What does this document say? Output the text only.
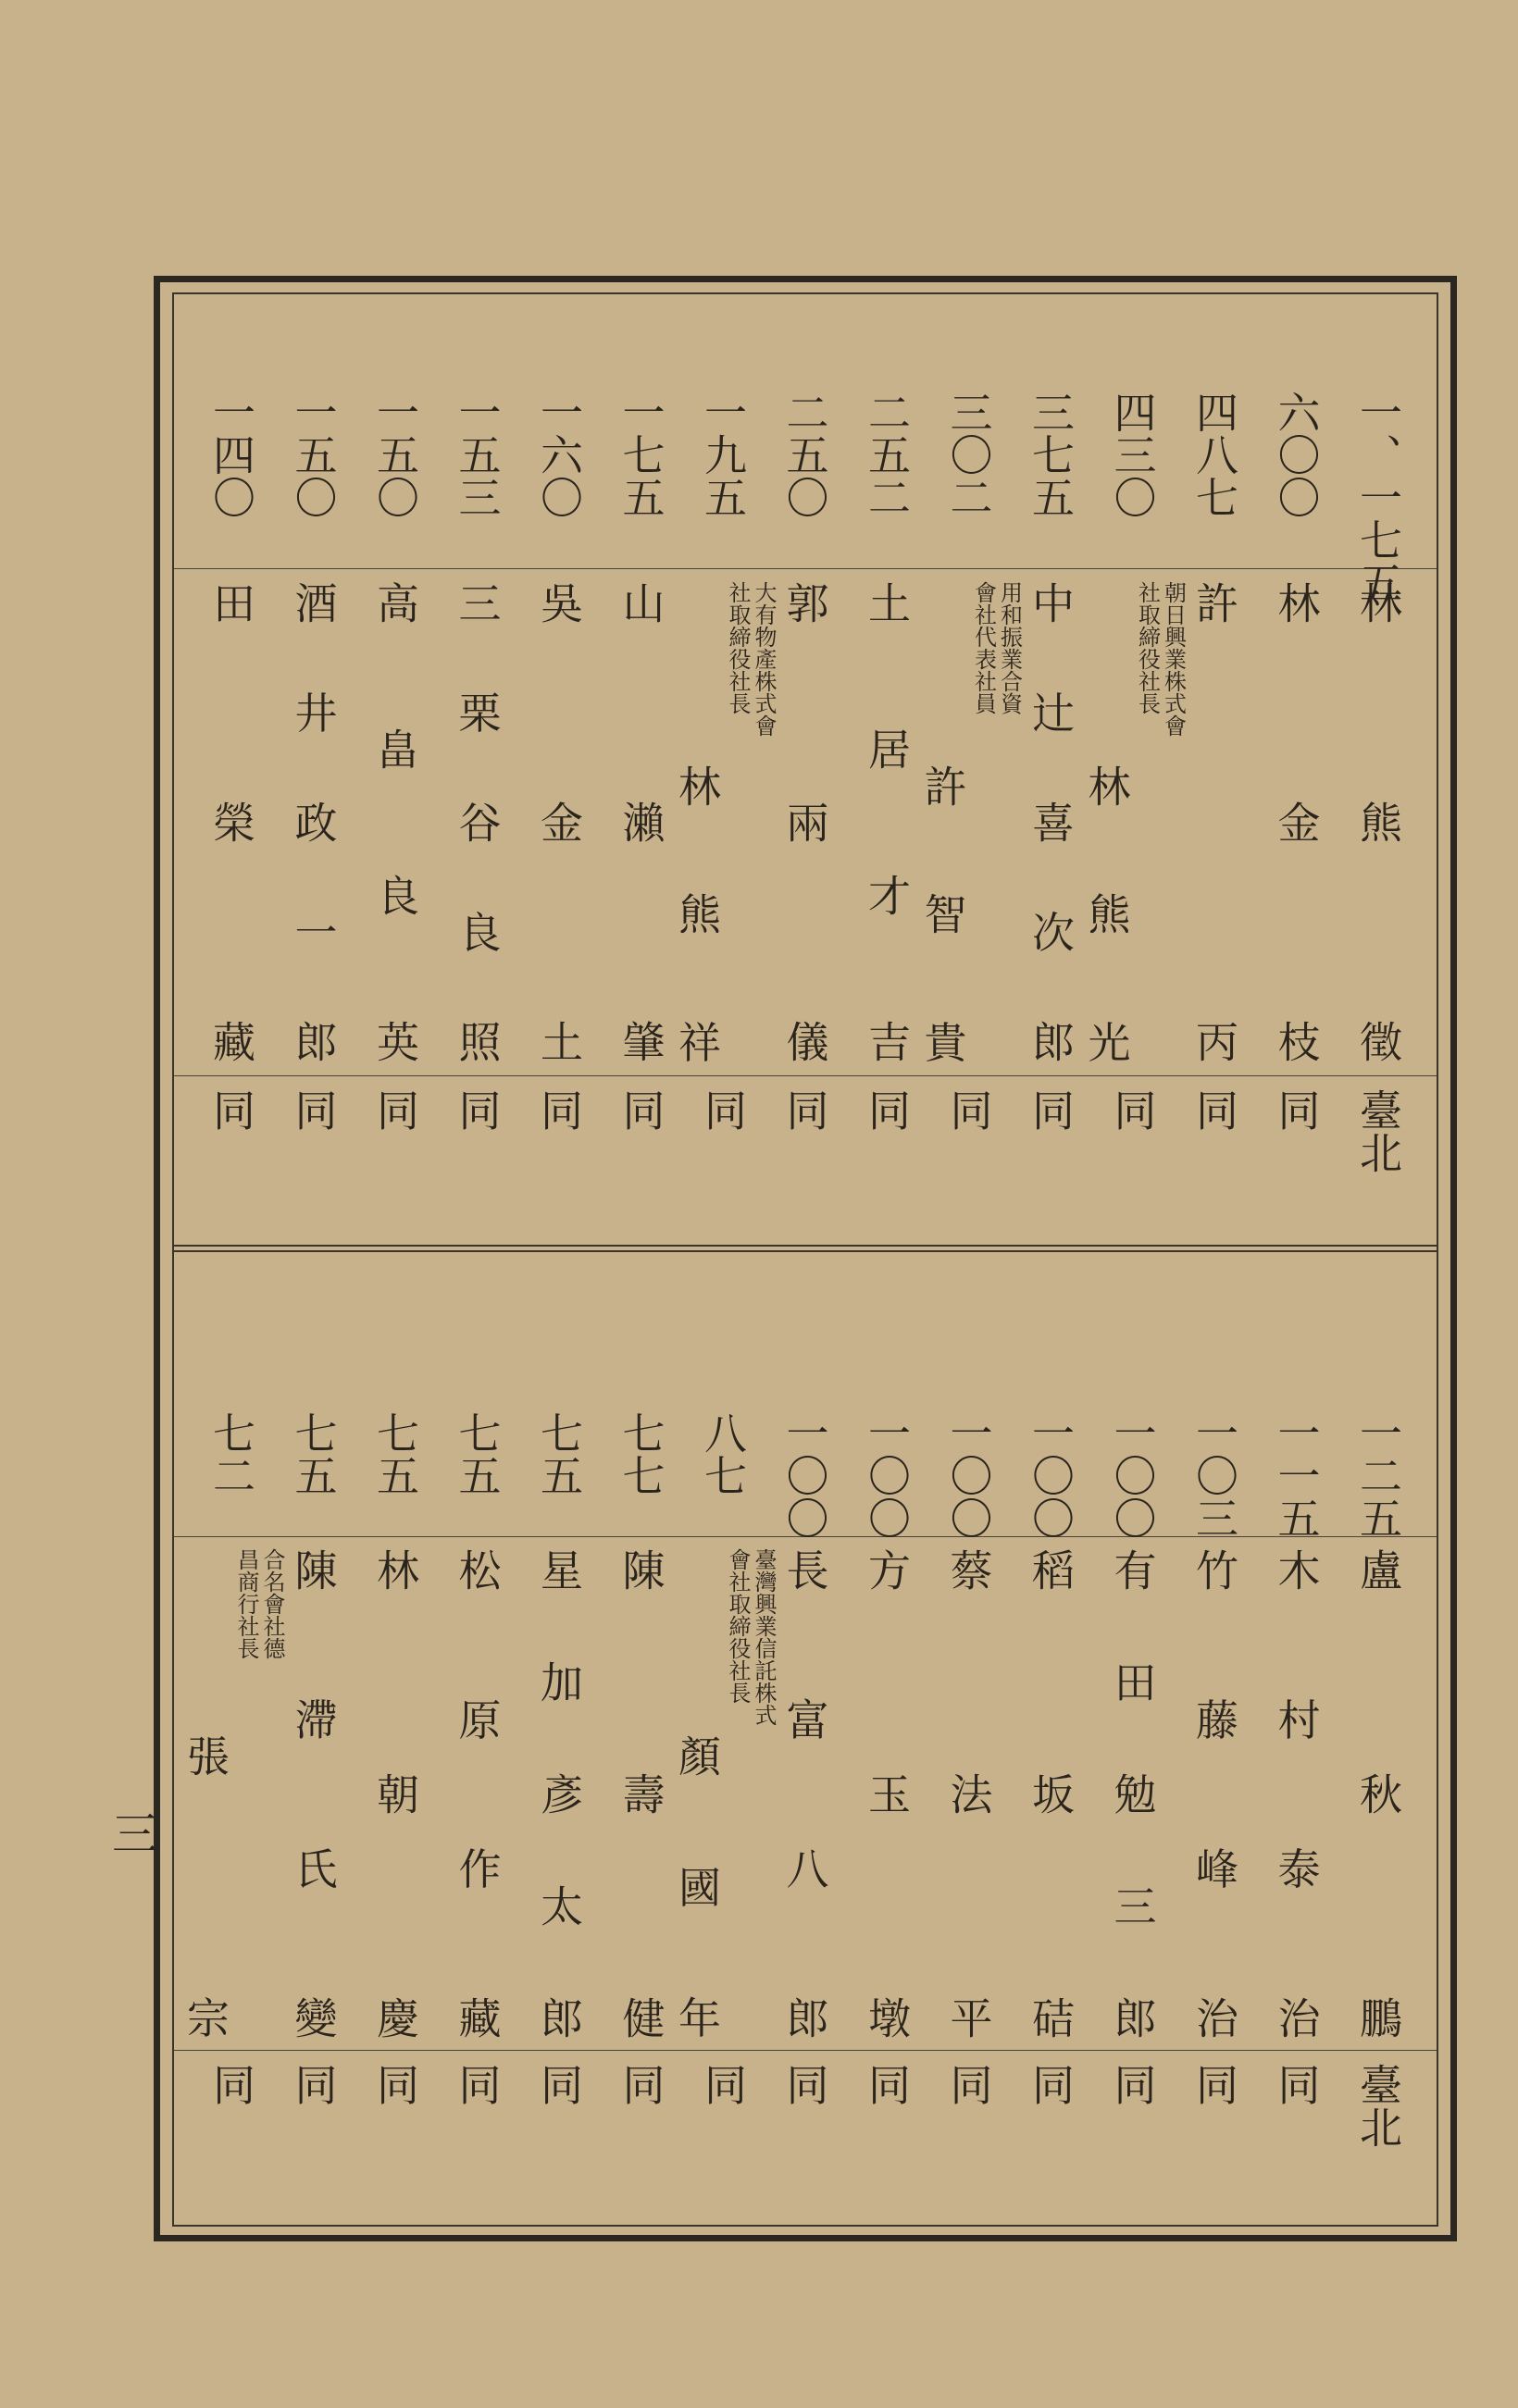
一、一七五
林熊徵
臺北
六〇〇
林金枝
同
四八七
許丙
同
四三〇
朝日興業株式會社取締役社長
林熊光
同
三七五
中辻喜次郎
同
三〇二
用和振業合資會社代表社員
許智貴
同
二五二
土居才吉
同
二五〇
郭兩儀
同
一九五
大有物產株式會社取締役社長
林熊祥
同
一七五
山瀨肇
同
一六〇
吳金土
同
一五三
三栗谷良照
同
一五〇
高畠良英
同
一五〇
酒井政一郎
同
一四〇
田榮藏
同
一二五
盧秋鵬
臺北
一一五
木村泰治
同
一〇三
竹藤峰治
同
一〇〇
有田勉三郎
同
一〇〇
稻坂硈
同
一〇〇
蔡法平
同
一〇〇
方玉墩
同
一〇〇
長富八郎
同
八七
臺灣興業信託株式會社取締役社長
顏國年
同
七七
陳壽健
同
七五
星加彥太郎
同
七五
松原作藏
同
七五
林朝慶
同
七五
陳滯氏變
同
七二
合名會社德昌商行社長
張宗
同
三
